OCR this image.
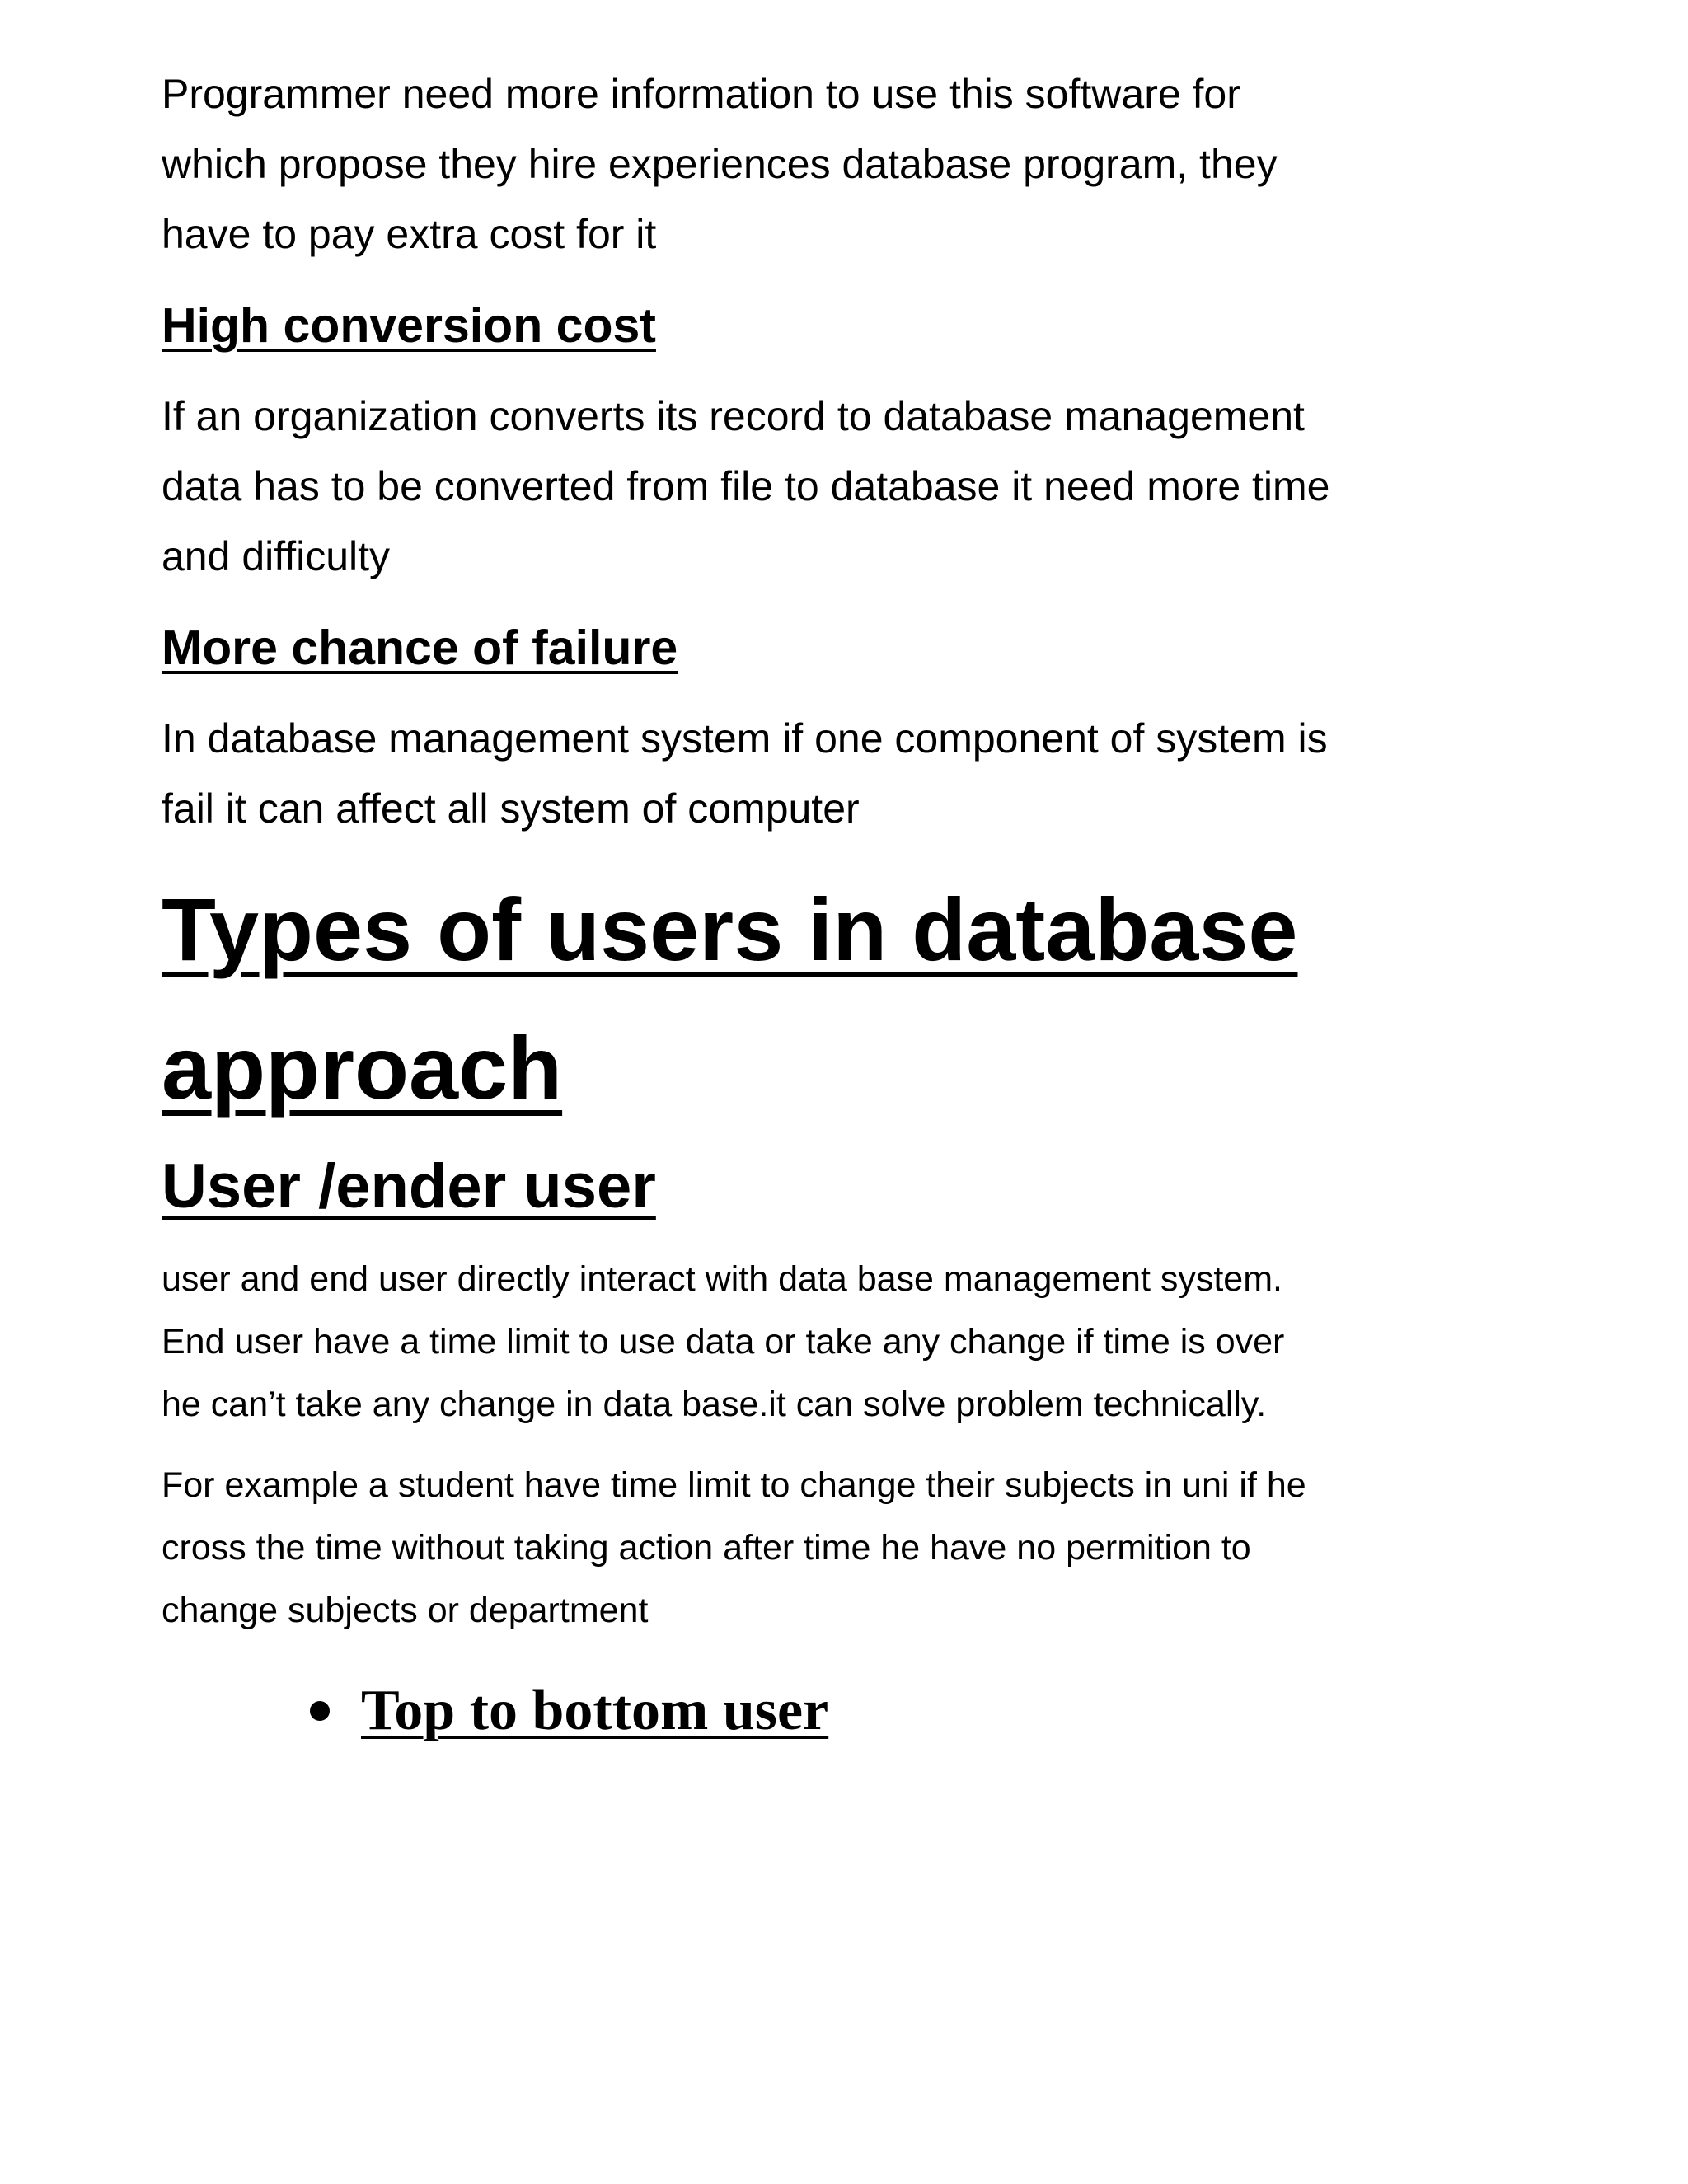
Programmer need more information to use this software for
which propose they hire experiences database program, they
have to pay extra cost for it

High conversion cost

If an organization converts its record to database management
data has to be converted from file to database it need more time
and difficulty

More chance of failure

In database management system if one component of system is
fail it can affect all system of computer

Types of users in database
approach
User /ender user

user and end user directly interact with data base management system.
End user have a time limit to use data or take any change if time is over
he can’t take any change in data base.it can solve problem technically.

For example a student have time limit to change their subjects in uni if he
cross the time without taking action after time he have no permition to
change subjects or department

Top to bottom user
